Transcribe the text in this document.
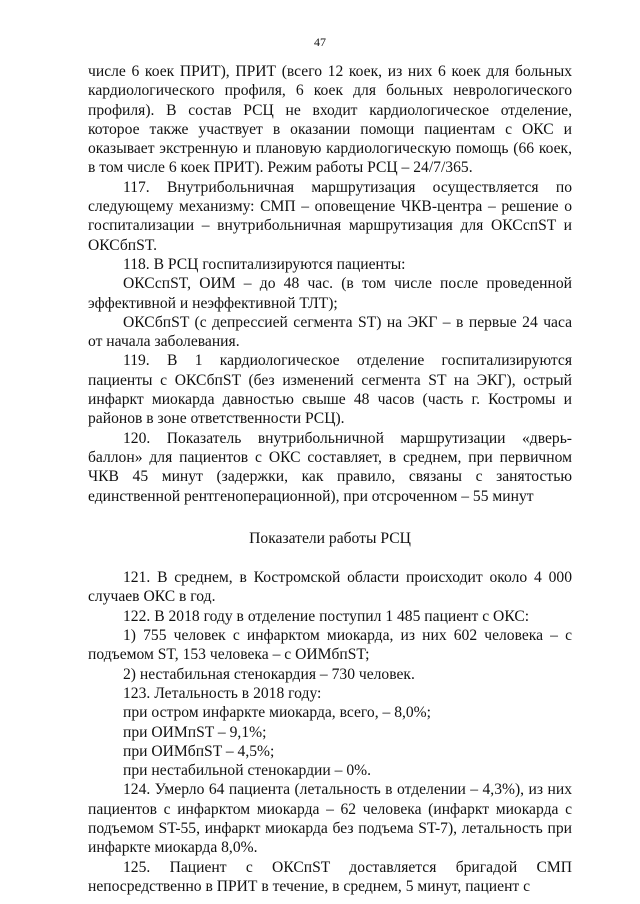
47

числе 6 коек ПРИТ), ПРИТ (всего 12 коек, из них 6 коек для больных кардиологического профиля, 6 коек для больных неврологического профиля). В состав РСЦ не входит кардиологическое отделение, которое также участвует в оказании помощи пациентам с ОКС и оказывает экстренную и плановую кардиологическую помощь (66 коек, в том числе 6 коек ПРИТ). Режим работы РСЦ – 24/7/365.

117. Внутрибольничная маршрутизация осуществляется по следующему механизму: СМП – оповещение ЧКВ-центра – решение о госпитализации – внутрибольничная маршрутизация для ОКСспST и ОКСбпST.

118. В РСЦ госпитализируются пациенты:

ОКСспST, ОИМ – до 48 час. (в том числе после проведенной эффективной и неэффективной ТЛТ);

ОКСбпST (с депрессией сегмента ST) на ЭКГ – в первые 24 часа от начала заболевания.

119. В 1 кардиологическое отделение госпитализируются пациенты с ОКСбпST (без изменений сегмента ST на ЭКГ), острый инфаркт миокарда давностью свыше 48 часов (часть г. Костромы и районов в зоне ответственности РСЦ).

120. Показатель внутрибольничной маршрутизации «дверь-баллон» для пациентов с ОКС составляет, в среднем, при первичном ЧКВ 45 минут (задержки, как правило, связаны с занятостью единственной рентгеноперационной), при отсроченном – 55 минут

Показатели работы РСЦ

121. В среднем, в Костромской области происходит около 4 000 случаев ОКС в год.

122. В 2018 году в отделение поступил 1 485 пациент с ОКС:

1) 755 человек с инфарктом миокарда, из них 602 человека – с подъемом ST, 153 человека – с ОИМбпST;

2) нестабильная стенокардия – 730 человек.

123. Летальность в 2018 году:

при остром инфаркте миокарда, всего, – 8,0%;

при ОИМпST – 9,1%;

при ОИМбпST – 4,5%;

при нестабильной стенокардии – 0%.

124. Умерло 64 пациента (летальность в отделении – 4,3%), из них пациентов с инфарктом миокарда – 62 человека (инфаркт миокарда с подъемом ST-55, инфаркт миокарда без подъема ST-7), летальность при инфаркте миокарда 8,0%.

125. Пациент с ОКСпST доставляется бригадой СМП непосредственно в ПРИТ в течение, в среднем, 5 минут, пациент с
